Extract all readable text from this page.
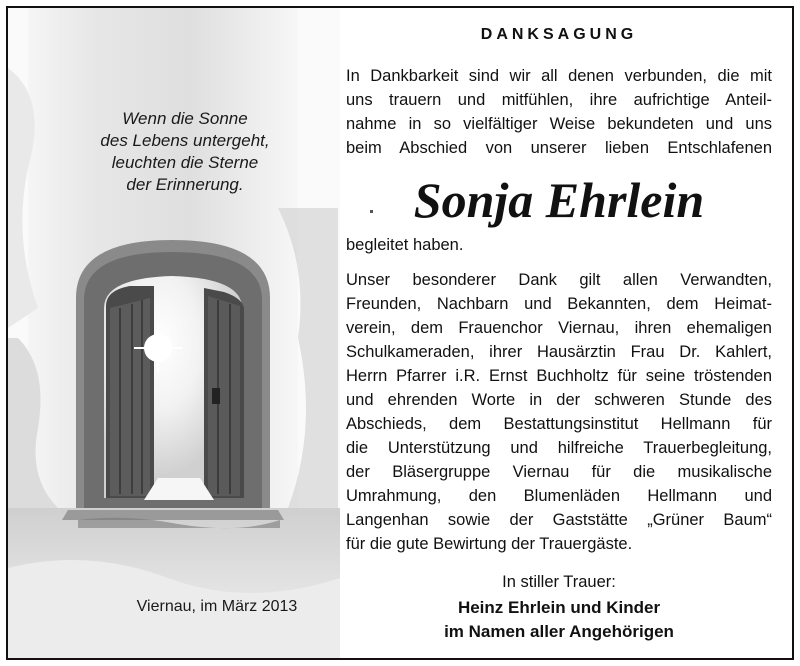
Wenn die Sonne
des Lebens untergeht,
leuchten die Sterne
der Erinnerung.
Viernau, im März 2013
DANKSAGUNG
In Dankbarkeit sind wir all denen verbunden, die mit
uns trauern und mitfühlen, ihre aufrichtige Anteil-
nahme in so vielfältiger Weise bekundeten und uns
beim Abschied von unserer lieben Entschlafenen
Sonja Ehrlein
begleitet haben.
Unser besonderer Dank gilt allen Verwandten,
Freunden, Nachbarn und Bekannten, dem Heimat-
verein, dem Frauenchor Viernau, ihren ehemaligen
Schulkameraden, ihrer Hausärztin Frau Dr. Kahlert,
Herrn Pfarrer i.R. Ernst Buchholtz für seine tröstenden
und ehrenden Worte in der schweren Stunde des
Abschieds, dem Bestattungsinstitut Hellmann für
die Unterstützung und hilfreiche Trauerbegleitung,
der Bläsergruppe Viernau für die musikalische
Umrahmung, den Blumenläden Hellmann und
Langenhan sowie der Gaststätte „Grüner Baum“
für die gute Bewirtung der Trauergäste.
In stiller Trauer:
Heinz Ehrlein und Kinder
im Namen aller Angehörigen
